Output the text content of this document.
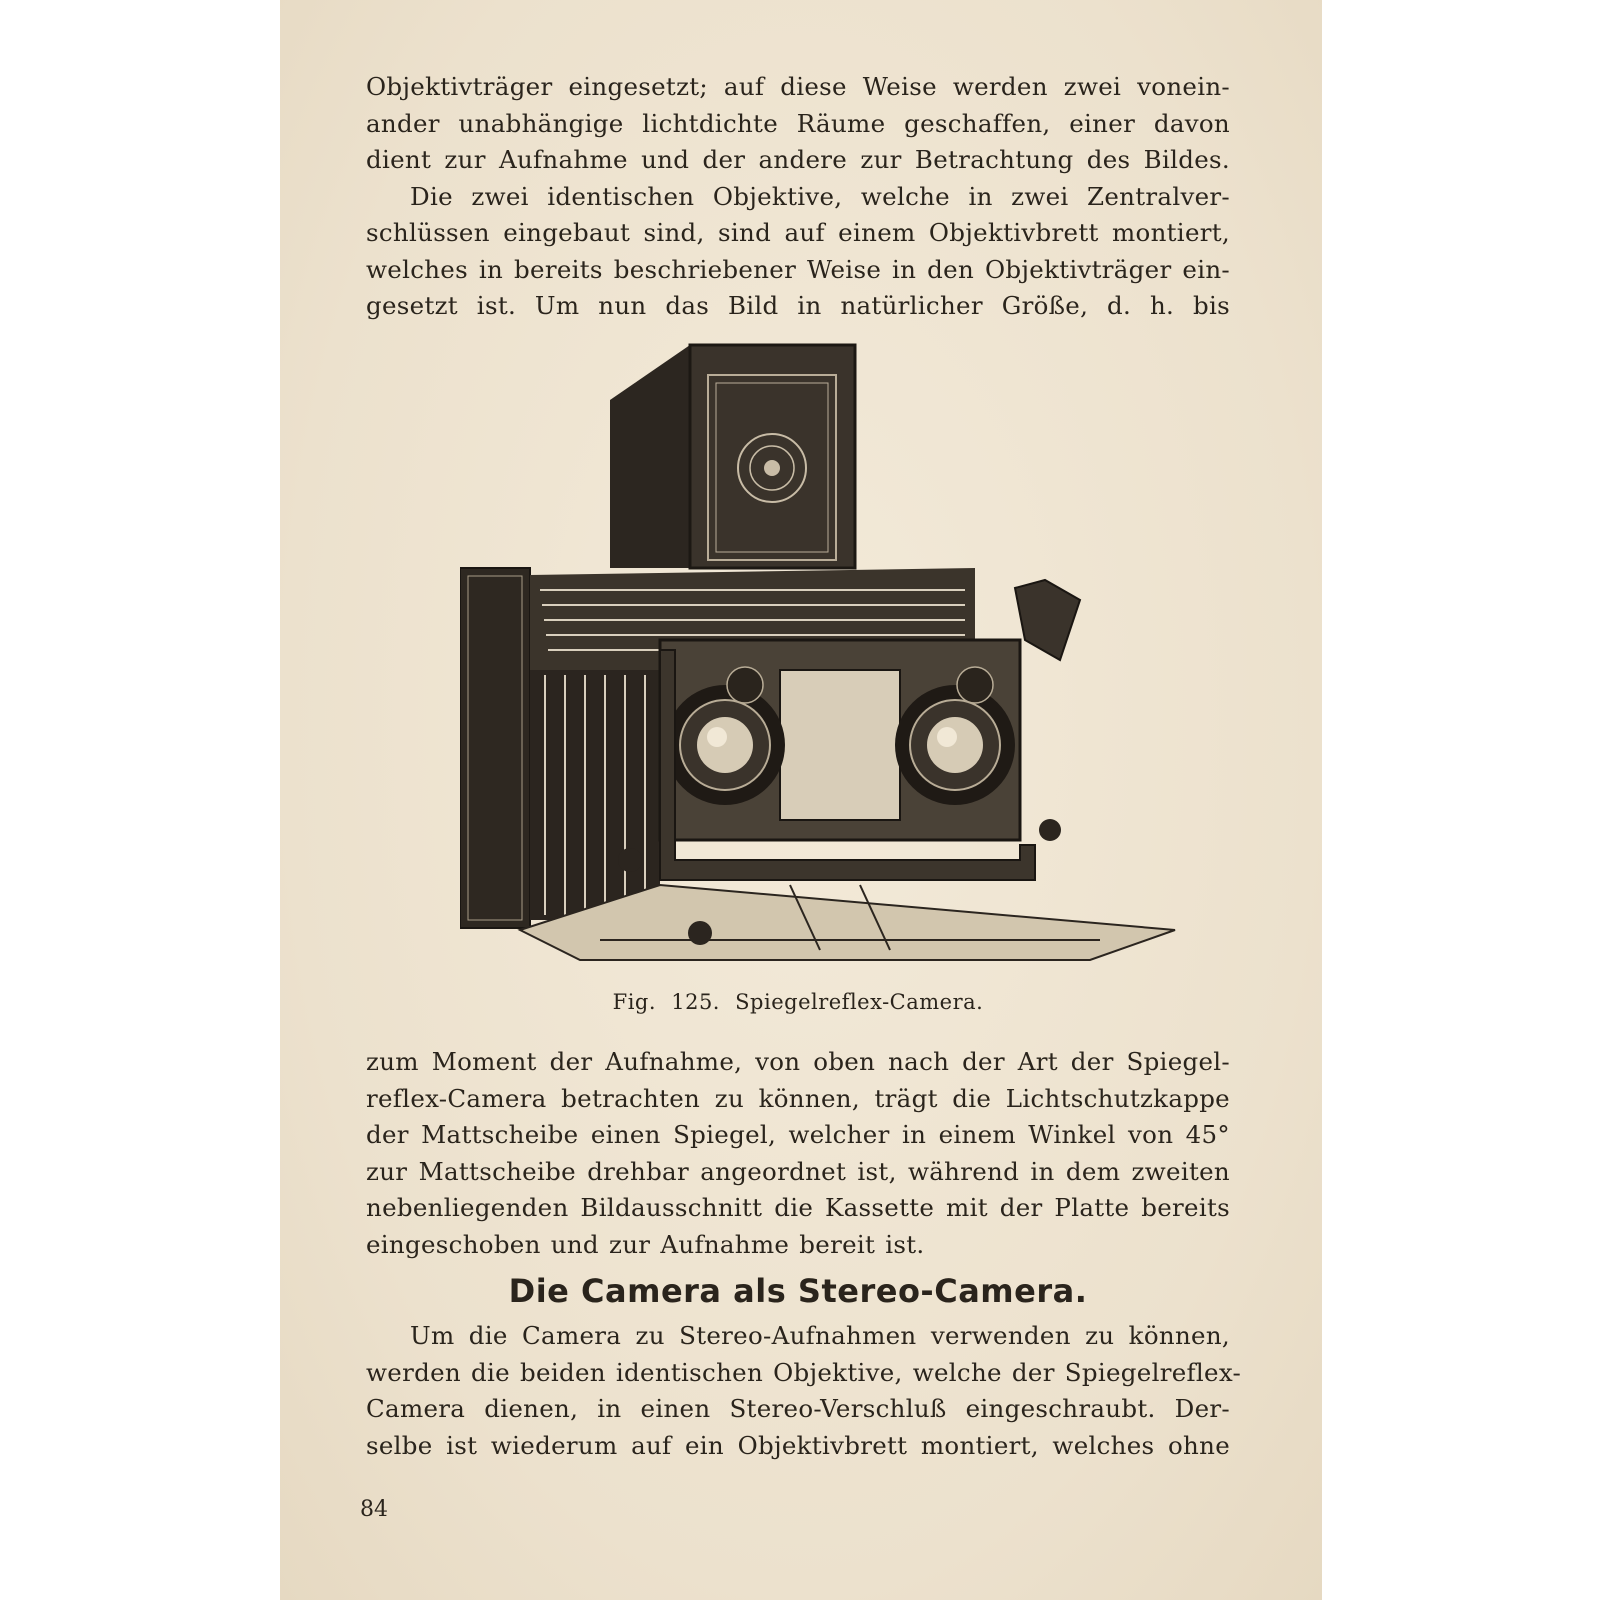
Objektivträger eingesetzt; auf diese Weise werden zwei vonein-
ander unabhängige lichtdichte Räume geschaffen, einer davon
dient zur Aufnahme und der andere zur Betrachtung des Bildes.
Die zwei identischen Objektive, welche in zwei Zentralver-
schlüssen eingebaut sind, sind auf einem Objektivbrett montiert,
welches in bereits beschriebener Weise in den Objektivträger ein-
gesetzt ist. Um nun das Bild in natürlicher Größe, d. h. bis
Fig. 125. Spiegelreflex-Camera.
zum Moment der Aufnahme, von oben nach der Art der Spiegel-
reflex-Camera betrachten zu können, trägt die Lichtschutzkappe
der Mattscheibe einen Spiegel, welcher in einem Winkel von 45°
zur Mattscheibe drehbar angeordnet ist, während in dem zweiten
nebenliegenden Bildausschnitt die Kassette mit der Platte bereits
eingeschoben und zur Aufnahme bereit ist.
Die Camera als Stereo-Camera.
Um die Camera zu Stereo-Aufnahmen verwenden zu können,
werden die beiden identischen Objektive, welche der Spiegelreflex-
Camera dienen, in einen Stereo-Verschluß eingeschraubt. Der-
selbe ist wiederum auf ein Objektivbrett montiert, welches ohne
84
